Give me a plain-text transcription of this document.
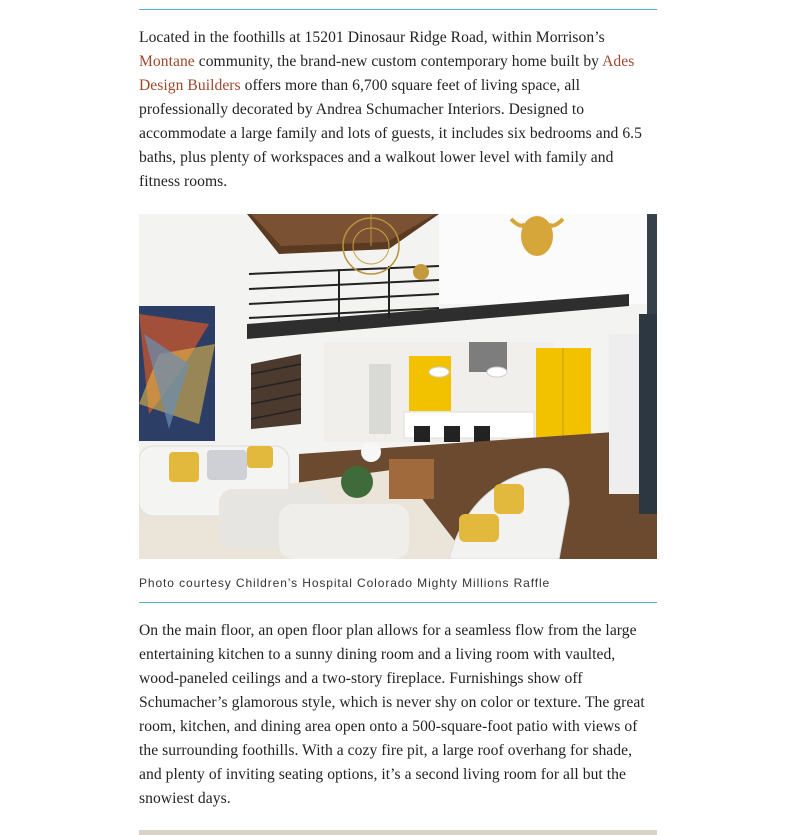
Located in the foothills at 15201 Dinosaur Ridge Road, within Morrison’s Montane community, the brand-new custom contemporary home built by Ades Design Builders offers more than 6,700 square feet of living space, all professionally decorated by Andrea Schumacher Interiors. Designed to accommodate a large family and lots of guests, it includes six bedrooms and 6.5 baths, plus plenty of workspaces and a walkout lower level with family and fitness rooms.

Photo courtesy Children’s Hospital Colorado Mighty Millions Raffle

On the main floor, an open floor plan allows for a seamless flow from the large entertaining kitchen to a sunny dining room and a living room with vaulted, wood-paneled ceilings and a two-story fireplace. Furnishings show off Schumacher’s glamorous style, which is never shy on color or texture. The great room, kitchen, and dining area open onto a 500-square-foot patio with views of the surrounding foothills. With a cozy fire pit, a large roof overhang for shade, and plenty of inviting seating options, it’s a second living room for all but the snowiest days.
